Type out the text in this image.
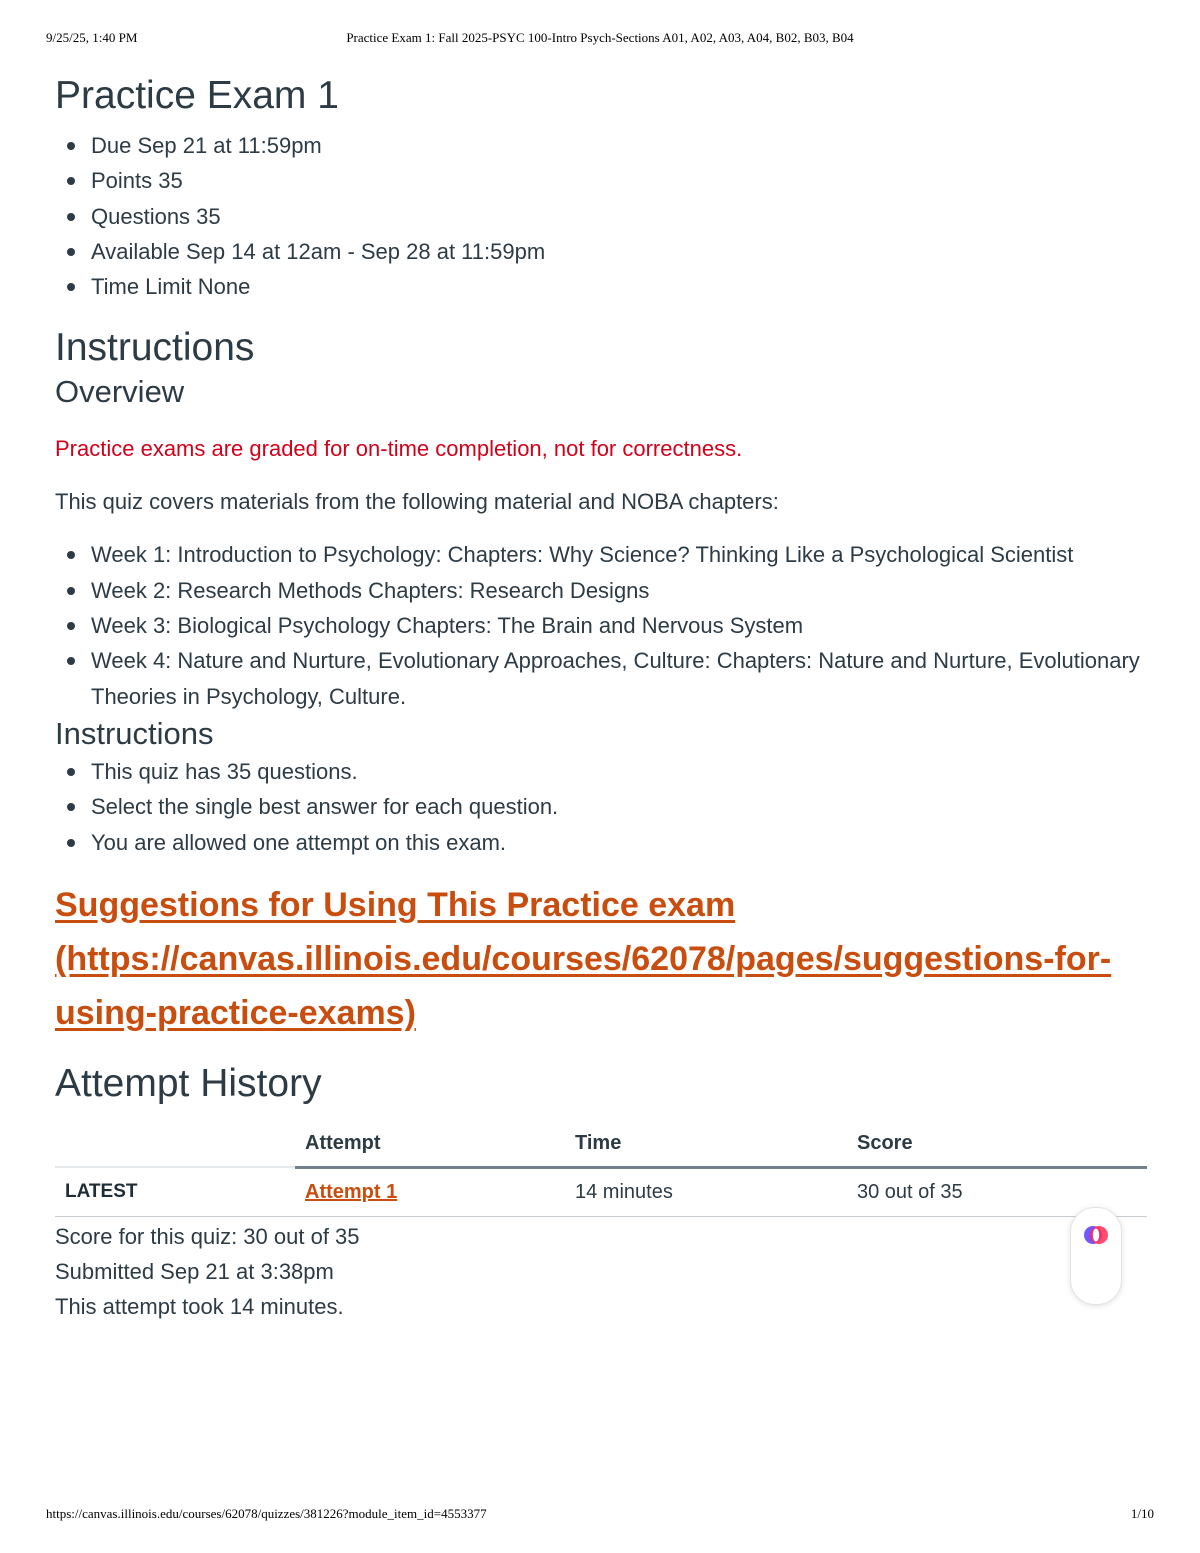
9/25/25, 1:40 PM	Practice Exam 1: Fall 2025-PSYC 100-Intro Psych-Sections A01, A02, A03, A04, B02, B03, B04
Practice Exam 1
Due Sep 21 at 11:59pm
Points 35
Questions 35
Available Sep 14 at 12am - Sep 28 at 11:59pm
Time Limit None
Instructions
Overview

Practice exams are graded for on-time completion, not for correctness.

This quiz covers materials from the following material and NOBA chapters:

Week 1: Introduction to Psychology: Chapters: Why Science? Thinking Like a Psychological Scientist
Week 2: Research Methods Chapters: Research Designs
Week 3: Biological Psychology Chapters: The Brain and Nervous System
Week 4: Nature and Nurture, Evolutionary Approaches, Culture: Chapters: Nature and Nurture, Evolutionary Theories in Psychology, Culture.
Instructions
This quiz has 35 questions.
Select the single best answer for each question.
You are allowed one attempt on this exam.
Suggestions for Using This Practice exam
(https://canvas.illinois.edu/courses/62078/pages/suggestions-for-
using-practice-exams)
Attempt History
	Attempt	Time	Score
LATEST	Attempt 1	14 minutes	30 out of 35
Score for this quiz: 30 out of 35
Submitted Sep 21 at 3:38pm
This attempt took 14 minutes.
https://canvas.illinois.edu/courses/62078/quizzes/381226?module_item_id=4553377	1/10
